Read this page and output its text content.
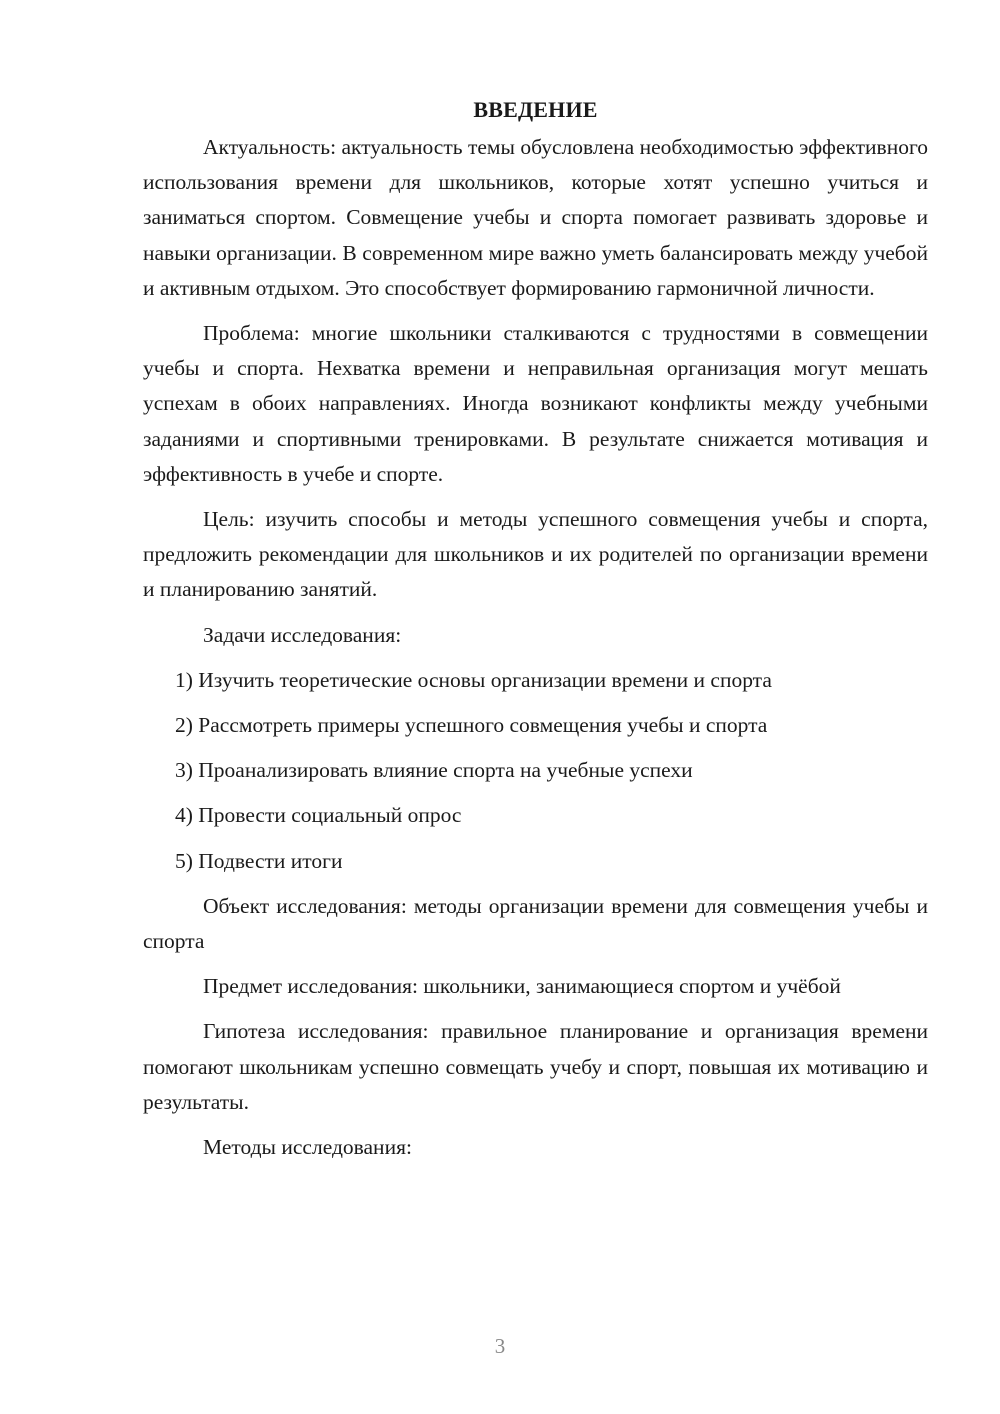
ВВЕДЕНИЕ

Актуальность: актуальность темы обусловлена необходимостью эффективного использования времени для школьников, которые хотят успешно учиться и заниматься спортом. Совмещение учебы и спорта помогает развивать здоровье и навыки организации. В современном мире важно уметь балансировать между учебой и активным отдыхом. Это способствует формированию гармоничной личности.

Проблема: многие школьники сталкиваются с трудностями в совмещении учебы и спорта. Нехватка времени и неправильная организация могут мешать успехам в обоих направлениях. Иногда возникают конфликты между учебными заданиями и спортивными тренировками. В результате снижается мотивация и эффективность в учебе и спорте.

Цель: изучить способы и методы успешного совмещения учебы и спорта, предложить рекомендации для школьников и их родителей по организации времени и планированию занятий.

Задачи исследования:
1) Изучить теоретические основы организации времени и спорта
2) Рассмотреть примеры успешного совмещения учебы и спорта
3) Проанализировать влияние спорта на учебные успехи
4) Провести социальный опрос
5) Подвести итоги

Объект исследования: методы организации времени для совмещения учебы и спорта

Предмет исследования: школьники, занимающиеся спортом и учёбой

Гипотеза исследования: правильное планирование и организация времени помогают школьникам успешно совмещать учебу и спорт, повышая их мотивацию и результаты.

Методы исследования:
3
